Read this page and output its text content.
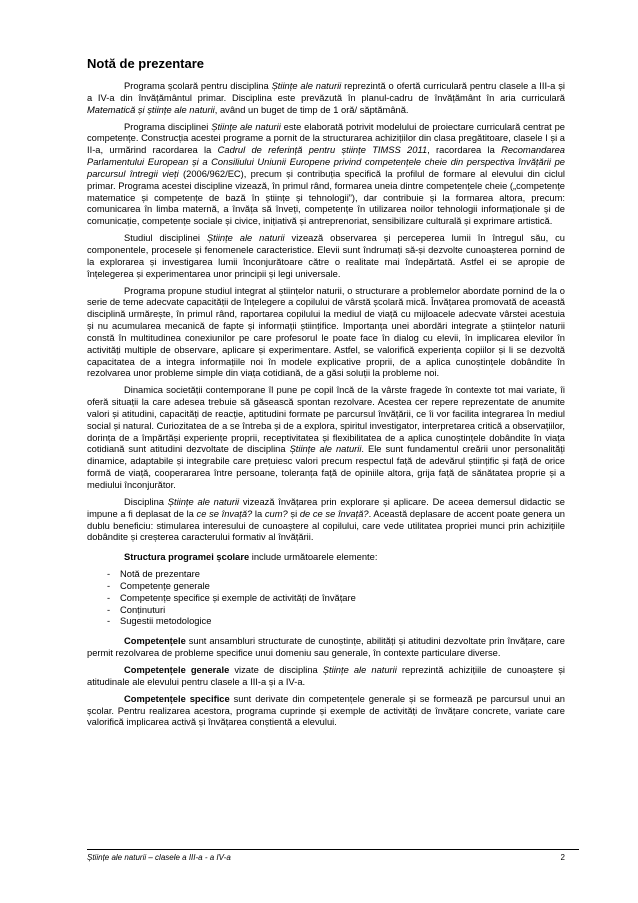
Notă de prezentare

Programa școlară pentru disciplina Științe ale naturii reprezintă o ofertă curriculară pentru clasele a III-a și a IV-a din învățământul primar. Disciplina este prevăzută în planul-cadru de învățământ în aria curriculară Matematică și științe ale naturii, având un buget de timp de 1 oră/ săptămână.

Programa disciplinei Științe ale naturii este elaborată potrivit modelului de proiectare curriculară centrat pe competențe. Construcția acestei programe a pornit de la structurarea achizițiilor din clasa pregătitoare, clasele I și a II-a, urmărind racordarea la Cadrul de referință pentru științe TIMSS 2011, racordarea la Recomandarea Parlamentului European și a Consiliului Uniunii Europene privind competențele cheie din perspectiva învățării pe parcursul întregii vieți (2006/962/EC), precum și contribuția specifică la profilul de formare al elevului din ciclul primar. Programa acestei discipline vizează, în primul rând, formarea uneia dintre competențele cheie („competențe matematice și competențe de bază în științe și tehnologii”), dar contribuie și la formarea altora, precum: comunicarea în limba maternă, a învăța să înveți, competențe în utilizarea noilor tehnologii informaționale și de comunicație, competențe sociale și civice, inițiativă și antreprenoriat, sensibilizare culturală și exprimare artistică.

Studiul disciplinei Științe ale naturii vizează observarea și perceperea lumii în întregul său, cu componentele, procesele și fenomenele caracteristice. Elevii sunt îndrumați să-și dezvolte cunoașterea pornind de la explorarea și investigarea lumii înconjurătoare către o realitate mai îndepărtată. Astfel ei se apropie de înțelegerea și experimentarea unor principii și legi universale.

Programa propune studiul integrat al științelor naturii, o structurare a problemelor abordate pornind de la o serie de teme adecvate capacității de înțelegere a copilului de vârstă școlară mică. Învățarea promovată de această disciplină urmărește, în primul rând, raportarea copilului la mediul de viață cu mijloacele adecvate vârstei acestuia și nu acumularea mecanică de fapte și informații științifice. Importanța unei abordări integrate a științelor naturii constă în multitudinea conexiunilor pe care profesorul le poate face în dialog cu elevii, în implicarea elevilor în activități multiple de observare, aplicare și experimentare. Astfel, se valorifică experiența copiilor și li se dezvoltă capacitatea de a integra informațiile noi în modele explicative proprii, de a aplica cunoștințele dobândite în rezolvarea unor probleme simple din viața cotidiană, de a găsi soluții la probleme noi.

Dinamica societății contemporane îl pune pe copil încă de la vârste fragede în contexte tot mai variate, îi oferă situații la care adesea trebuie să găsească spontan rezolvare. Acestea cer repere reprezentate de anumite valori și atitudini, capacități de reacție, aptitudini formate pe parcursul învățării, ce îi vor facilita integrarea în mediul social și natural. Curiozitatea de a se întreba și de a explora, spiritul investigator, interpretarea critică a observațiilor, dorința de a împărtăși experiențe proprii, receptivitatea și flexibilitatea de a aplica cunoștințele dobândite în viața cotidiană sunt atitudini dezvoltate de disciplina Științe ale naturii. Ele sunt fundamentul creării unor personalități dinamice, adaptabile și integrabile care prețuiesc valori precum respectul față de adevărul științific și față de orice formă de viață, cooperararea între persoane, toleranța față de opiniile altora, grija față de sănătatea proprie și a mediului înconjurător.

Disciplina Științe ale naturii vizează învățarea prin explorare și aplicare. De aceea demersul didactic se impune a fi deplasat de la ce se învață? la cum? și de ce se învață?. Această deplasare de accent poate genera un dublu beneficiu: stimularea interesului de cunoaștere al copilului, care vede utilitatea propriei munci prin achizițiile dobândite și creșterea caracterului formativ al învățării.

Structura programei școlare include următoarele elemente:

- Notă de prezentare
- Competențe generale
- Competențe specifice și exemple de activități de învățare
- Conținuturi
- Sugestii metodologice

Competențele sunt ansambluri structurate de cunoștințe, abilități și atitudini dezvoltate prin învățare, care permit rezolvarea de probleme specifice unui domeniu sau generale, în contexte particulare diverse.

Competențele generale vizate de disciplina Științe ale naturii reprezintă achizițiile de cunoaștere și atitudinale ale elevului pentru clasele a III-a și a IV-a.

Competențele specifice sunt derivate din competențele generale și se formează pe parcursul unui an școlar. Pentru realizarea acestora, programa cuprinde și exemple de activități de învățare concrete, variate care valorifică implicarea activă și învățarea conștientă a elevului.

Științe ale naturii – clasele a III-a - a IV-a	2
